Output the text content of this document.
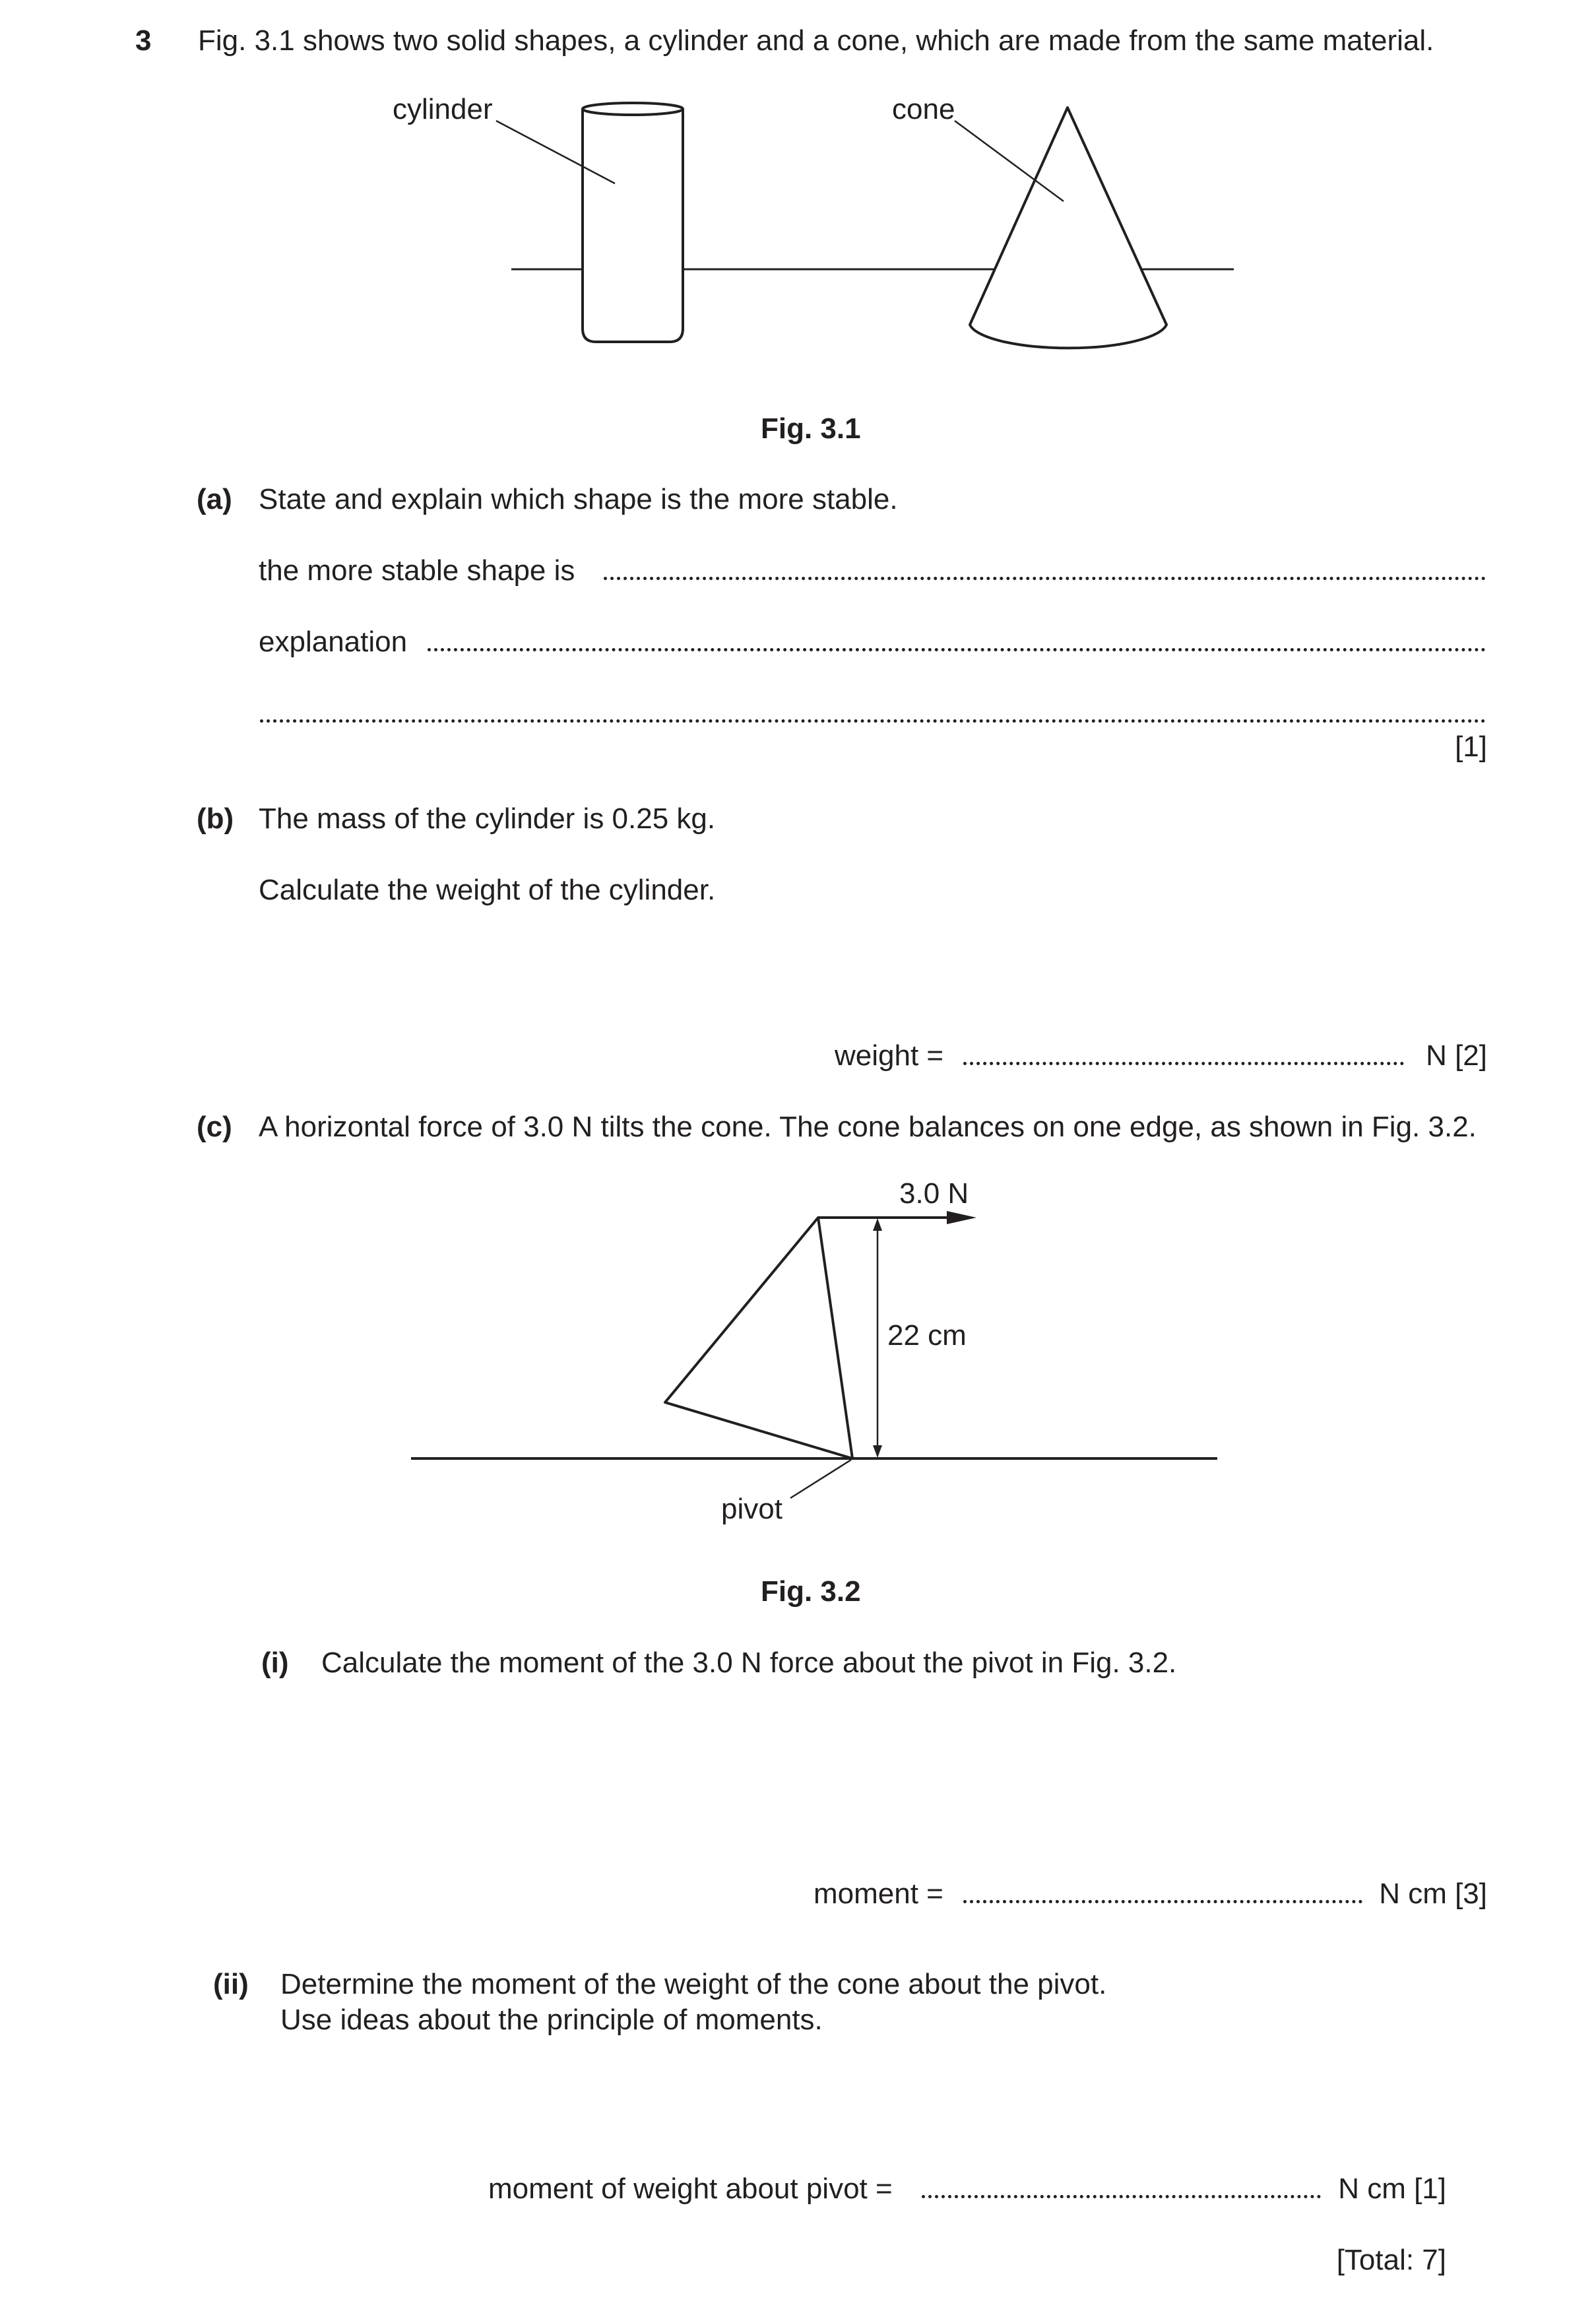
3 Fig. 3.1 shows two solid shapes, a cylinder and a cone, which are made from the same material.
cylinder	cone
Fig. 3.1
(a) State and explain which shape is the more stable.
the more stable shape is
explanation
[1]
(b) The mass of the cylinder is 0.25 kg.
Calculate the weight of the cylinder.
weight =	N [2]
(c) A horizontal force of 3.0 N tilts the cone. The cone balances on one edge, as shown in Fig. 3.2.
3.0 N
22 cm
pivot
Fig. 3.2
(i) Calculate the moment of the 3.0 N force about the pivot in Fig. 3.2.
moment =	N cm [3]
(ii) Determine the moment of the weight of the cone about the pivot.
Use ideas about the principle of moments.
moment of weight about pivot =	N cm [1]
[Total: 7]
